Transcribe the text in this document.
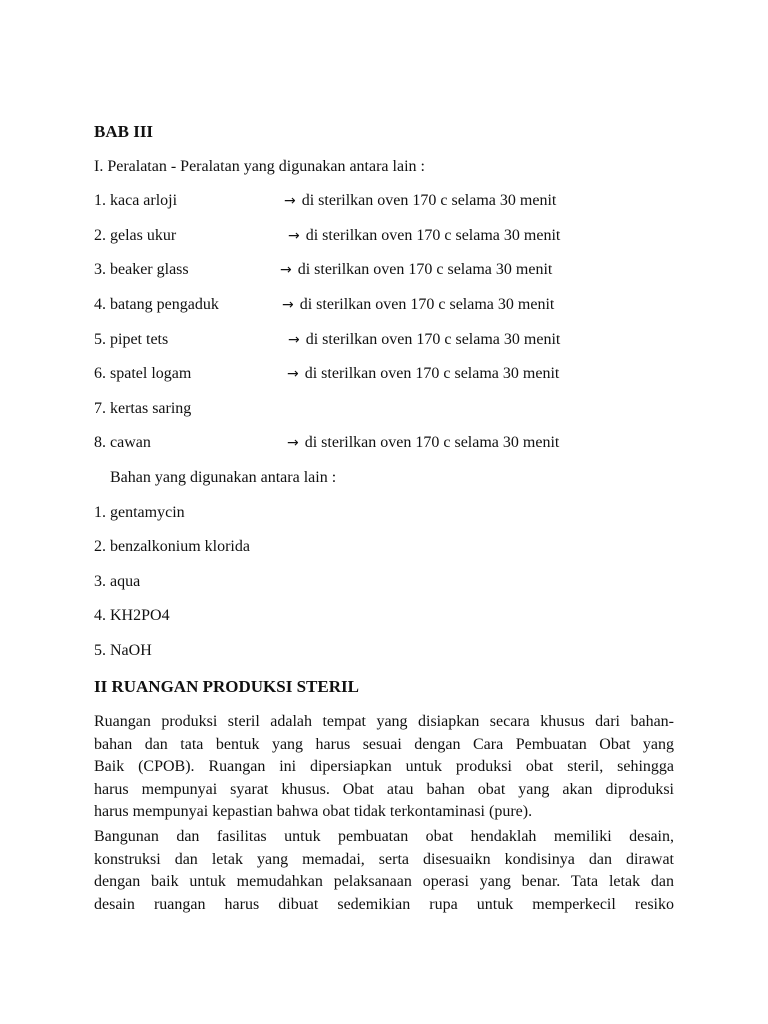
BAB III
I. Peralatan - Peralatan yang digunakan antara lain :
1. kaca arloji	→ di sterilkan oven 170 c selama 30 menit
2. gelas ukur	→ di sterilkan oven 170 c selama 30 menit
3. beaker glass	→ di sterilkan oven 170 c selama 30 menit
4. batang pengaduk	→ di sterilkan oven 170 c selama 30 menit
5. pipet tets	→ di sterilkan oven 170 c selama 30 menit
6. spatel logam	→ di sterilkan oven 170 c selama 30 menit
7. kertas saring
8. cawan	→ di sterilkan oven 170 c selama 30 menit
Bahan yang digunakan antara lain :
1. gentamycin
2. benzalkonium klorida
3. aqua
4. KH2PO4
5. NaOH
II RUANGAN PRODUKSI STERIL
Ruangan produksi steril adalah tempat yang disiapkan secara khusus dari bahan-
bahan dan tata bentuk yang harus sesuai dengan Cara Pembuatan Obat yang
Baik (CPOB). Ruangan ini dipersiapkan untuk produksi obat steril, sehingga
harus mempunyai syarat khusus. Obat atau bahan obat yang akan diproduksi
harus mempunyai kepastian bahwa obat tidak terkontaminasi (pure).
Bangunan dan fasilitas untuk pembuatan obat hendaklah memiliki desain,
konstruksi dan letak yang memadai, serta disesuaikn kondisinya dan dirawat
dengan baik untuk memudahkan pelaksanaan operasi yang benar. Tata letak dan
desain ruangan harus dibuat sedemikian rupa untuk memperkecil resiko
